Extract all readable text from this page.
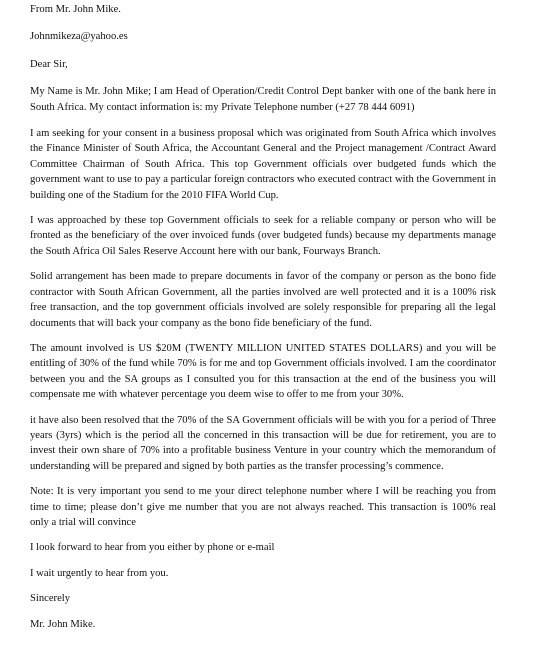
From Mr. John Mike.

Johnmikeza@yahoo.es

Dear Sir,

My Name is Mr. John Mike; I am Head of Operation/Credit Control Dept banker with one of the bank here in South Africa. My contact information is: my Private Telephone number (+27 78 444 6091)

I am seeking for your consent in a business proposal which was originated from South Africa which involves the Finance Minister of South Africa, the Accountant General and the Project management /Contract Award Committee Chairman of South Africa. This top Government officials over budgeted funds which the government want to use to pay a particular foreign contractors who executed contract with the Government in building one of the Stadium for the 2010 FIFA World Cup.

I was approached by these top Government officials to seek for a reliable company or person who will be fronted as the beneficiary of the over invoiced funds (over budgeted funds) because my departments manage the South Africa Oil Sales Reserve Account here with our bank, Fourways Branch.

Solid arrangement has been made to prepare documents in favor of the company or person as the bono fide contractor with South African Government, all the parties involved are well protected and it is a 100% risk free transaction, and the top government officials involved are solely responsible for preparing all the legal documents that will back your company as the bono fide beneficiary of the fund.

The amount involved is US $20M (TWENTY MILLION UNITED STATES DOLLARS) and you will be entitling of 30% of the fund while 70% is for me and top Government officials involved. I am the coordinator between you and the SA groups as I consulted you for this transaction at the end of the business you will compensate me with whatever percentage you deem wise to offer to me from your 30%.

it have also been resolved that the 70% of the SA Government officials will be with you for a period of Three years (3yrs) which is the period all the concerned in this transaction will be due for retirement, you are to invest their own share of 70% into a profitable business Venture in your country which the memorandum of understanding will be prepared and signed by both parties as the transfer processing’s commence.

Note: It is very important you send to me your direct telephone number where I will be reaching you from time to time; please don’t give me number that you are not always reached. This transaction is 100% real only a trial will convince

I look forward to hear from you either by phone or e-mail

I wait urgently to hear from you.

Sincerely

Mr. John Mike.
